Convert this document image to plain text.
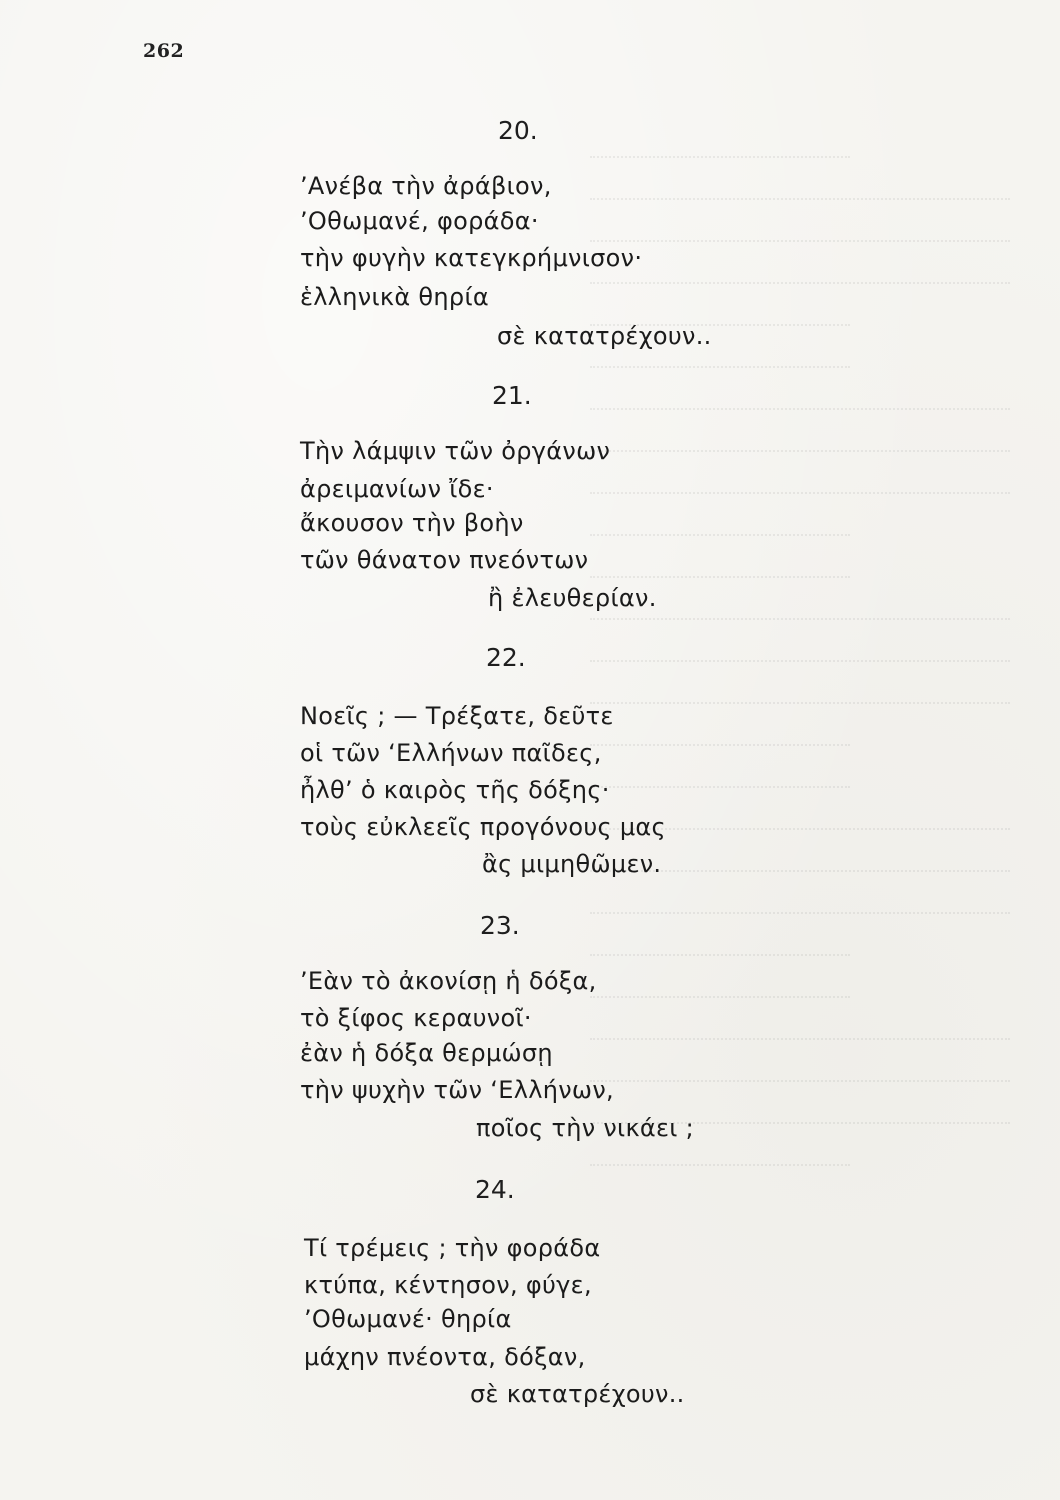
262
20.
’Ανέβα τὴν ἀράβιον,
’Οθωμανέ, φοράδα·
τὴν φυγὴν κατεγκρήμνισον·
ἑλληνικὰ θηρία
σὲ κατατρέχουν..
21.
Τὴν λάμψιν τῶν ὀργάνων
ἀρειμανίων ἴδε·
ἄκουσον τὴν βοὴν
τῶν θάνατον πνεόντων
ἢ ἐλευθερίαν.
22.
Νοεῖς ; — Τρέξατε, δεῦτε
οἱ τῶν ‘Ελλήνων παῖδες,
ἦλθ’ ὁ καιρὸς τῆς δόξης·
τοὺς εὐκλεεῖς προγόνους μας
ἂς μιμηθῶμεν.
23.
’Εὰν τὸ ἀκονίσῃ ἡ δόξα,
τὸ ξίφος κεραυνοῖ·
ἐὰν ἡ δόξα θερμώσῃ
τὴν ψυχὴν τῶν ‘Ελλήνων,
ποῖος τὴν νικάει ;
24.
Τί τρέμεις ; τὴν φοράδα
κτύπα, κέντησον, φύγε,
’Οθωμανέ· θηρία
μάχην πνέοντα, δόξαν,
σὲ κατατρέχουν..
